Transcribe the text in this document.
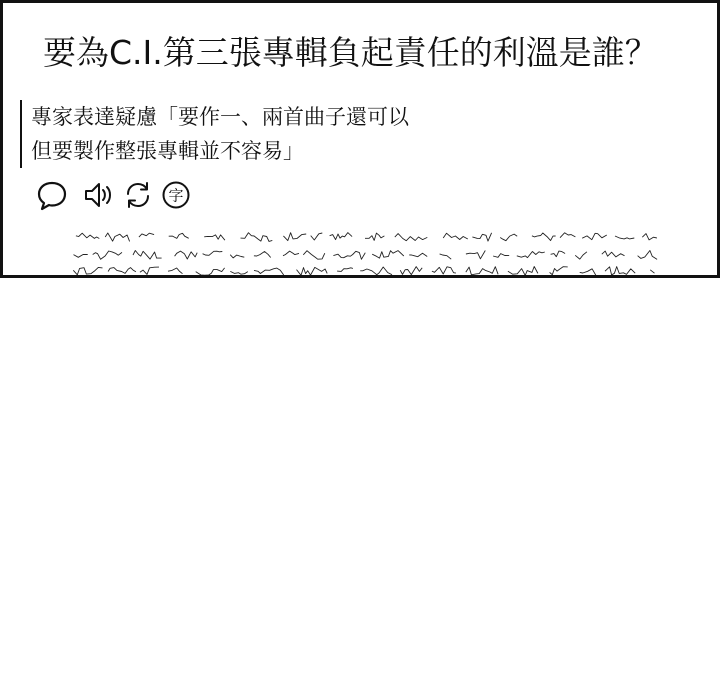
要為C.I.第三張專輯負起責任的利溫是誰？
專家表達疑慮「要作一、兩首曲子還可以
但要製作整張專輯並不容易」
字
